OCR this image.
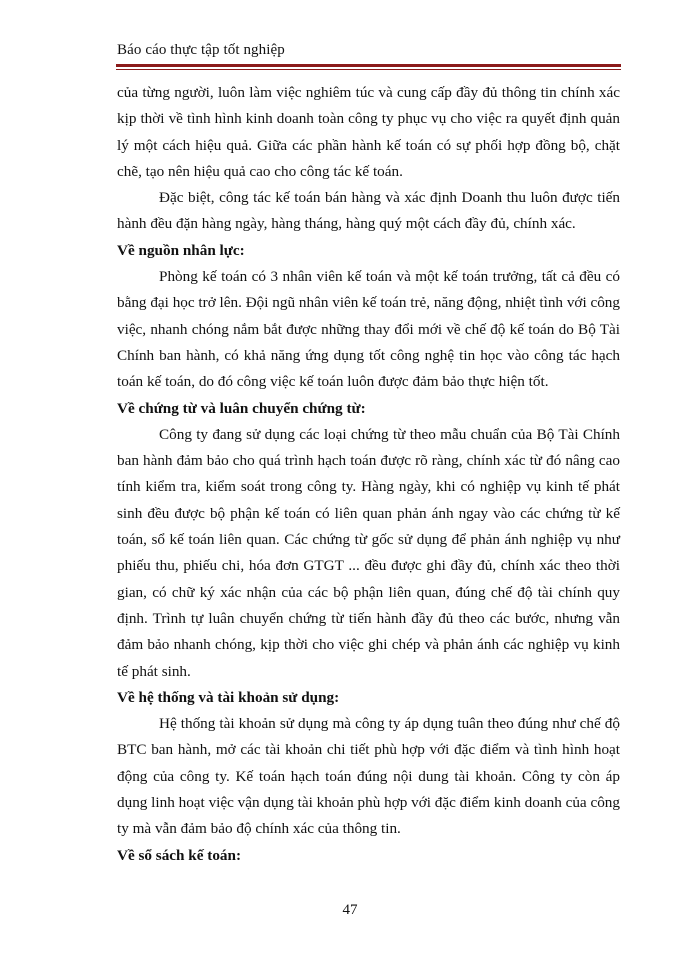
Báo cáo thực tập tốt nghiệp

của từng người, luôn làm việc nghiêm túc và cung cấp đầy đủ thông tin chính xác kịp thời về tình hình kinh doanh toàn công ty phục vụ cho việc ra quyết định quản lý một cách hiệu quả. Giữa các phần hành kế toán có sự phối hợp đồng bộ, chặt chẽ, tạo nên hiệu quả cao cho công tác kế toán.

Đặc biệt, công tác kế toán bán hàng và xác định Doanh thu luôn được tiến hành đều đặn hàng ngày, hàng tháng, hàng quý một cách đầy đủ, chính xác.

Về nguồn nhân lực:

Phòng kế toán có 3 nhân viên kế toán và một kế toán trưởng, tất cả đều có bằng đại học trở lên. Đội ngũ nhân viên kế toán trẻ, năng động, nhiệt tình với công việc, nhanh chóng nắm bắt được những thay đổi mới về chế độ kế toán do Bộ Tài Chính ban hành, có khả năng ứng dụng tốt công nghệ tin học vào công tác hạch toán kế toán, do đó công việc kế toán luôn được đảm bảo thực hiện tốt.

Về chứng từ và luân chuyển chứng từ:

Công ty đang sử dụng các loại chứng từ theo mẫu chuẩn của Bộ Tài Chính ban hành đảm bảo cho quá trình hạch toán được rõ ràng, chính xác từ đó nâng cao tính kiểm tra, kiểm soát trong công ty. Hàng ngày, khi có nghiệp vụ kinh tế phát sinh đều được bộ phận kế toán có liên quan phản ánh ngay vào các chứng từ kế toán, sổ kế toán liên quan. Các chứng từ gốc sử dụng để phản ánh nghiệp vụ như phiếu thu, phiếu chi, hóa đơn GTGT ... đều được ghi đầy đủ, chính xác theo thời gian, có chữ ký xác nhận của các bộ phận liên quan, đúng chế độ tài chính quy định. Trình tự luân chuyển chứng từ tiến hành đầy đủ theo các bước, nhưng vẫn đảm bảo nhanh chóng, kịp thời cho việc ghi chép và phản ánh các nghiệp vụ kinh tế phát sinh.

Về hệ thống và tài khoản sử dụng:

Hệ thống tài khoản sử dụng mà công ty áp dụng tuân theo đúng như chế độ BTC ban hành, mở các tài khoản chi tiết phù hợp với đặc điểm và tình hình hoạt động của công ty. Kế toán hạch toán đúng nội dung tài khoản. Công ty còn áp dụng linh hoạt việc vận dụng tài khoản phù hợp với đặc điểm kinh doanh của công ty mà vẫn đảm bảo độ chính xác của thông tin.

Về sổ sách kế toán:
47
